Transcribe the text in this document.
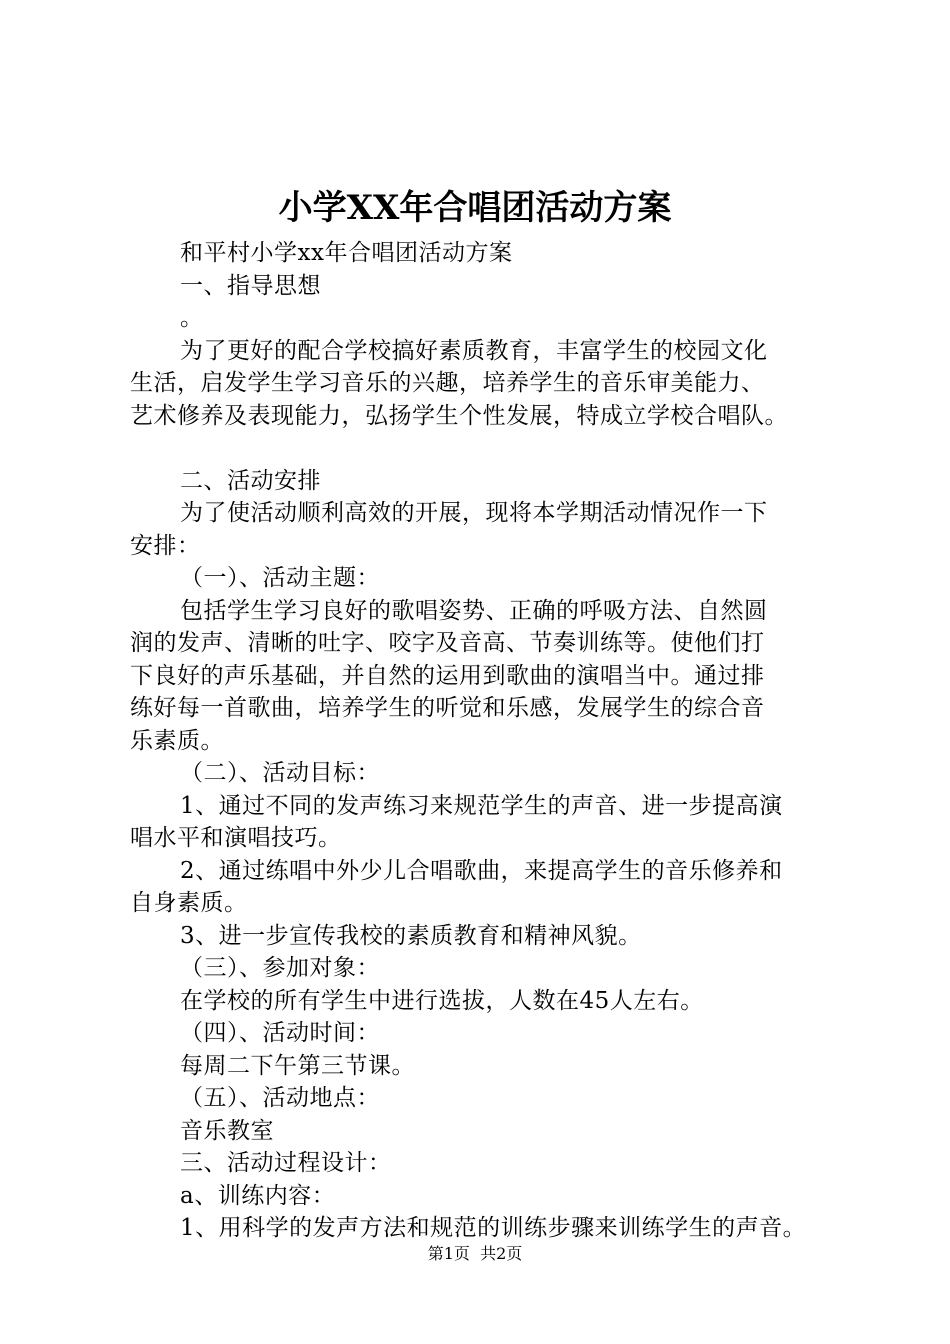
小学XX年合唱团活动方案
和平村小学xx年合唱团活动方案
一、指导思想
。
为了更好的配合学校搞好素质教育，丰富学生的校园文化
生活，启发学生学习音乐的兴趣，培养学生的音乐审美能力、
艺术修养及表现能力，弘扬学生个性发展，特成立学校合唱队。
二、活动安排
为了使活动顺利高效的开展，现将本学期活动情况作一下
安排：
（一）、活动主题：
包括学生学习良好的歌唱姿势、正确的呼吸方法、自然圆
润的发声、清晰的吐字、咬字及音高、节奏训练等。使他们打
下良好的声乐基础，并自然的运用到歌曲的演唱当中。通过排
练好每一首歌曲，培养学生的听觉和乐感，发展学生的综合音
乐素质。
（二）、活动目标：
1、通过不同的发声练习来规范学生的声音、进一步提高演
唱水平和演唱技巧。
2、通过练唱中外少儿合唱歌曲，来提高学生的音乐修养和
自身素质。
3、进一步宣传我校的素质教育和精神风貌。
（三）、参加对象：
在学校的所有学生中进行选拔，人数在45人左右。
（四）、活动时间：
每周二下午第三节课。
（五）、活动地点：
音乐教室
三、活动过程设计：
a、训练内容：
1、用科学的发声方法和规范的训练步骤来训练学生的声音。
第1页  共2页
